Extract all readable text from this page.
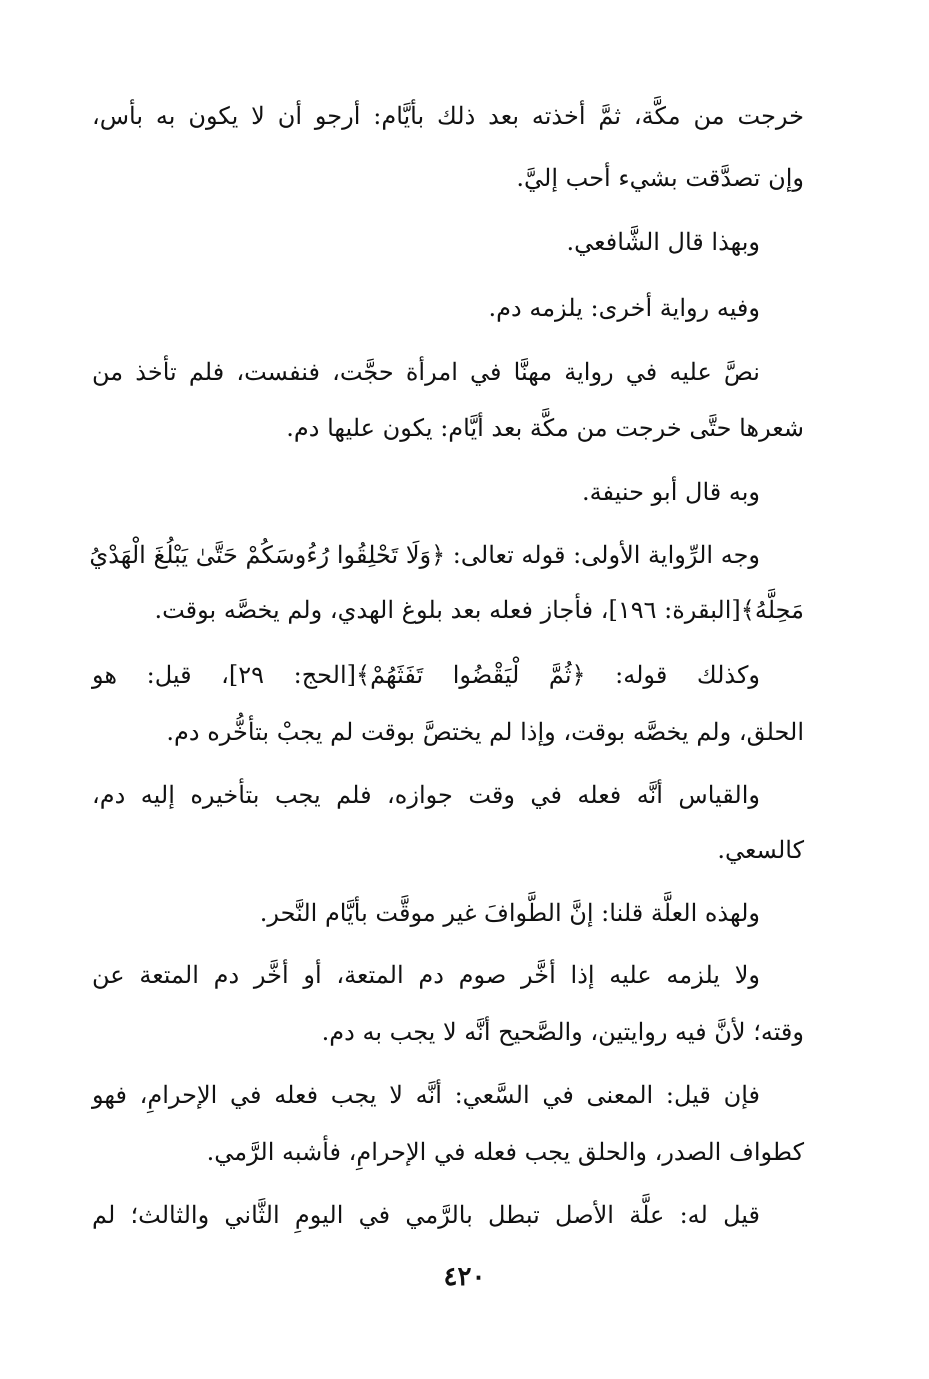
خرجت من مكَّة، ثمَّ أخذته بعد ذلك بأيَّام: أرجو أن لا يكون به بأس،
وإن تصدَّقت بشيء أحب إليَّ.
وبهذا قال الشَّافعي.
وفيه رواية أخرى: يلزمه دم.
نصَّ عليه في رواية مهنَّا في امرأة حجَّت، فنفست، فلم تأخذ من
شعرها حتَّى خرجت من مكَّة بعد أيَّام: يكون عليها دم.
وبه قال أبو حنيفة.
وجه الرِّواية الأولى: قوله تعالى: ﴿وَلَا تَحْلِقُوا رُءُوسَكُمْ حَتَّىٰ يَبْلُغَ الْهَدْيُ
مَحِلَّهُ﴾[البقرة: ١٩٦]، فأجاز فعله بعد بلوغ الهدي، ولم يخصَّه بوقت.
وكذلك قوله: ﴿ثُمَّ لْيَقْضُوا تَفَثَهُمْ﴾[الحج: ٢٩]، قيل: هو
الحلق، ولم يخصَّه بوقت، وإذا لم يختصَّ بوقت لم يجبْ بتأخُّره دم.
والقياس أنَّه فعله في وقت جوازه، فلم يجب بتأخيره إليه دم،
كالسعي.
ولهذه العلَّة قلنا: إنَّ الطَّوافَ غير موقَّت بأيَّام النَّحر.
ولا يلزمه عليه إذا أخَّر صوم دم المتعة، أو أخَّر دم المتعة عن
وقته؛ لأنَّ فيه روايتين، والصَّحيح أنَّه لا يجب به دم.
فإن قيل: المعنى في السَّعي: أنَّه لا يجب فعله في الإحرامِ، فهو
كطواف الصدر، والحلق يجب فعله في الإحرامِ، فأشبه الرَّمي.
قيل له: علَّة الأصل تبطل بالرَّمي في اليومِ الثَّاني والثالث؛ لم
٤٢٠
